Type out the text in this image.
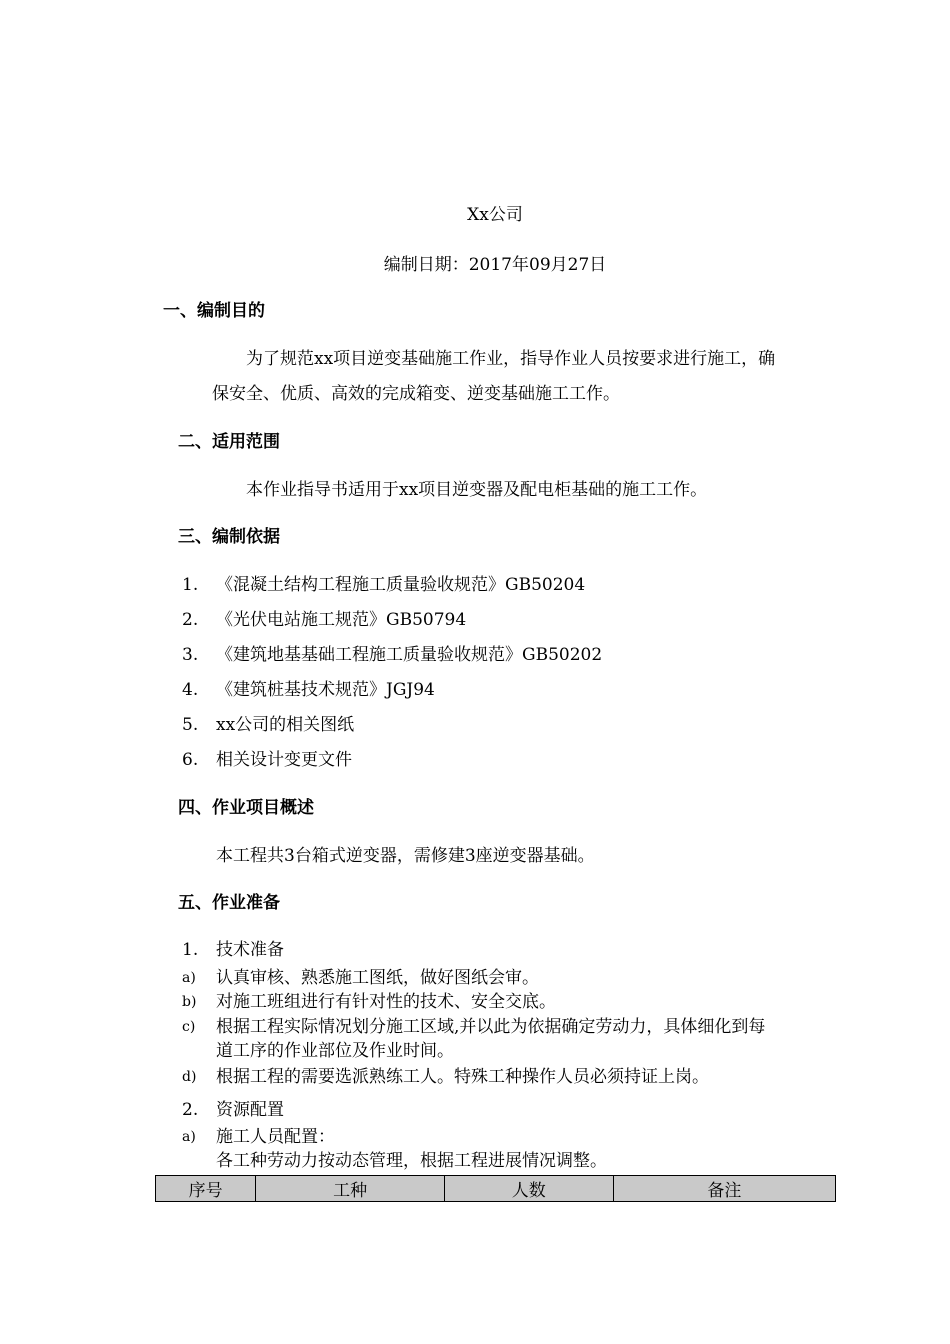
Xx公司
编制日期：2017年09月27日
一、编制目的
为了规范xx项目逆变基础施工作业，指导作业人员按要求进行施工，确
保安全、优质、高效的完成箱变、逆变基础施工工作。
二、适用范围
本作业指导书适用于xx项目逆变器及配电柜基础的施工工作。
三、编制依据
1.	《混凝土结构工程施工质量验收规范》GB50204
2.	《光伏电站施工规范》GB50794
3.	《建筑地基基础工程施工质量验收规范》GB50202
4.	《建筑桩基技术规范》JGJ94
5.	xx公司的相关图纸
6.	相关设计变更文件
四、作业项目概述
本工程共3台箱式逆变器，需修建3座逆变器基础。
五、作业准备
1.	技术准备
a)	认真审核、熟悉施工图纸，做好图纸会审。
b)	对施工班组进行有针对性的技术、安全交底。
c)	根据工程实际情况划分施工区域,并以此为依据确定劳动力，具体细化到每
道工序的作业部位及作业时间。
d)	根据工程的需要选派熟练工人。特殊工种操作人员必须持证上岗。
2.	资源配置
a)	施工人员配置：
各工种劳动力按动态管理，根据工程进展情况调整。
序号	工种	人数	备注
